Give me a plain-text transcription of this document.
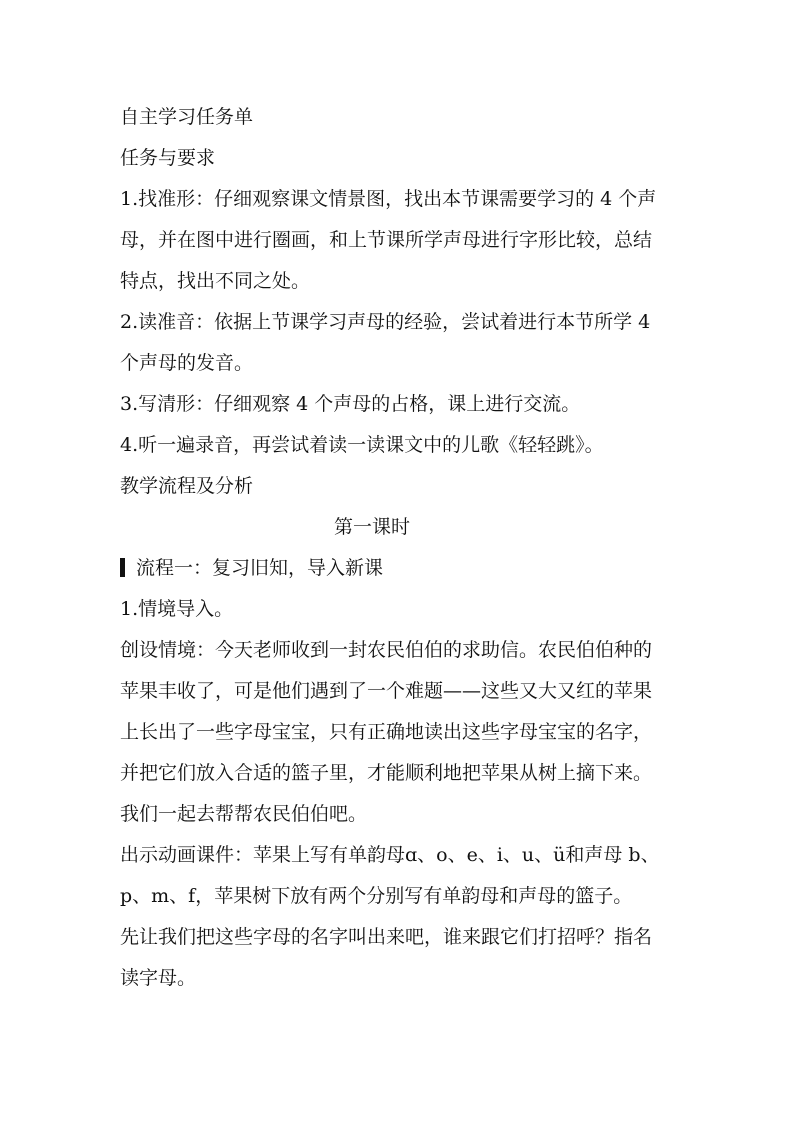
自主学习任务单
任务与要求
1.找准形：仔细观察课文情景图，找出本节课需要学习的 4 个声
母，并在图中进行圈画，和上节课所学声母进行字形比较，总结
特点，找出不同之处。
2.读准音：依据上节课学习声母的经验，尝试着进行本节所学 4
个声母的发音。
3.写清形：仔细观察 4 个声母的占格，课上进行交流。
4.听一遍录音，再尝试着读一读课文中的儿歌《轻轻跳》。
教学流程及分析
第一课时
流程一：复习旧知，导入新课
1.情境导入。
创设情境：今天老师收到一封农民伯伯的求助信。农民伯伯种的
苹果丰收了，可是他们遇到了一个难题——这些又大又红的苹果
上长出了一些字母宝宝，只有正确地读出这些字母宝宝的名字，
并把它们放入合适的篮子里，才能顺利地把苹果从树上摘下来。
我们一起去帮帮农民伯伯吧。
出示动画课件：苹果上写有单韵母ɑ、o、e、i、u、ü和声母 b、
p、m、f，苹果树下放有两个分别写有单韵母和声母的篮子。
先让我们把这些字母的名字叫出来吧，谁来跟它们打招呼？指名
读字母。
